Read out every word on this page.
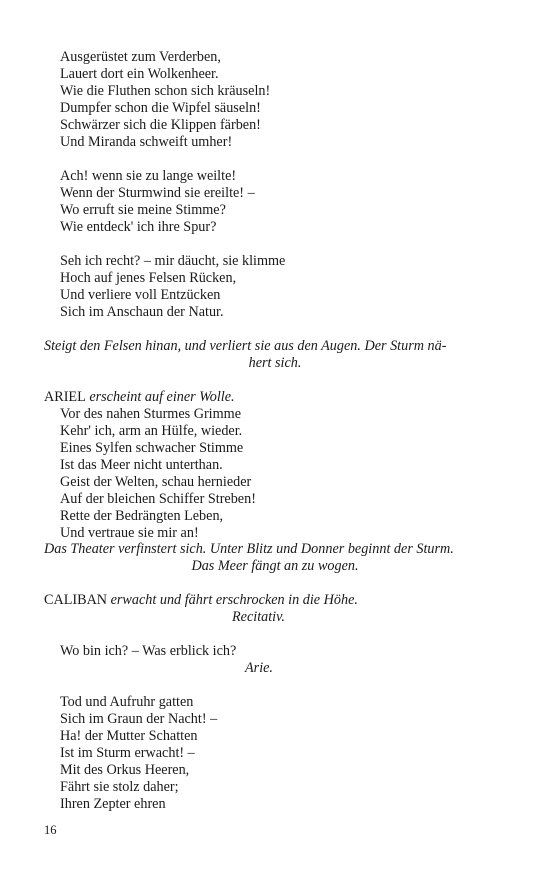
Ausgerüstet zum Verderben,
Lauert dort ein Wolkenheer.
Wie die Fluthen schon sich kräuseln!
Dumpfer schon die Wipfel säuseln!
Schwärzer sich die Klippen färben!
Und Miranda schweift umher!
Ach! wenn sie zu lange weilte!
Wenn der Sturmwind sie ereilte! –
Wo erruft sie meine Stimme?
Wie entdeck' ich ihre Spur?
Seh ich recht? – mir däucht, sie klimme
Hoch auf jenes Felsen Rücken,
Und verliere voll Entzücken
Sich im Anschaun der Natur.
Steigt den Felsen hinan, und verliert sie aus den Augen. Der Sturm nä-
hert sich.
ARIEL erscheint auf einer Wolle.
Vor des nahen Sturmes Grimme
Kehr' ich, arm an Hülfe, wieder.
Eines Sylfen schwacher Stimme
Ist das Meer nicht unterthan.
Geist der Welten, schau hernieder
Auf der bleichen Schiffer Streben!
Rette der Bedrängten Leben,
Und vertraue sie mir an!
Das Theater verfinstert sich. Unter Blitz und Donner beginnt der Sturm.
Das Meer fängt an zu wogen.
CALIBAN erwacht und fährt erschrocken in die Höhe.
Recitativ.
Wo bin ich? – Was erblick ich?
Arie.
Tod und Aufruhr gatten
Sich im Graun der Nacht! –
Ha! der Mutter Schatten
Ist im Sturm erwacht! –
Mit des Orkus Heeren,
Fährt sie stolz daher;
Ihren Zepter ehren
16
